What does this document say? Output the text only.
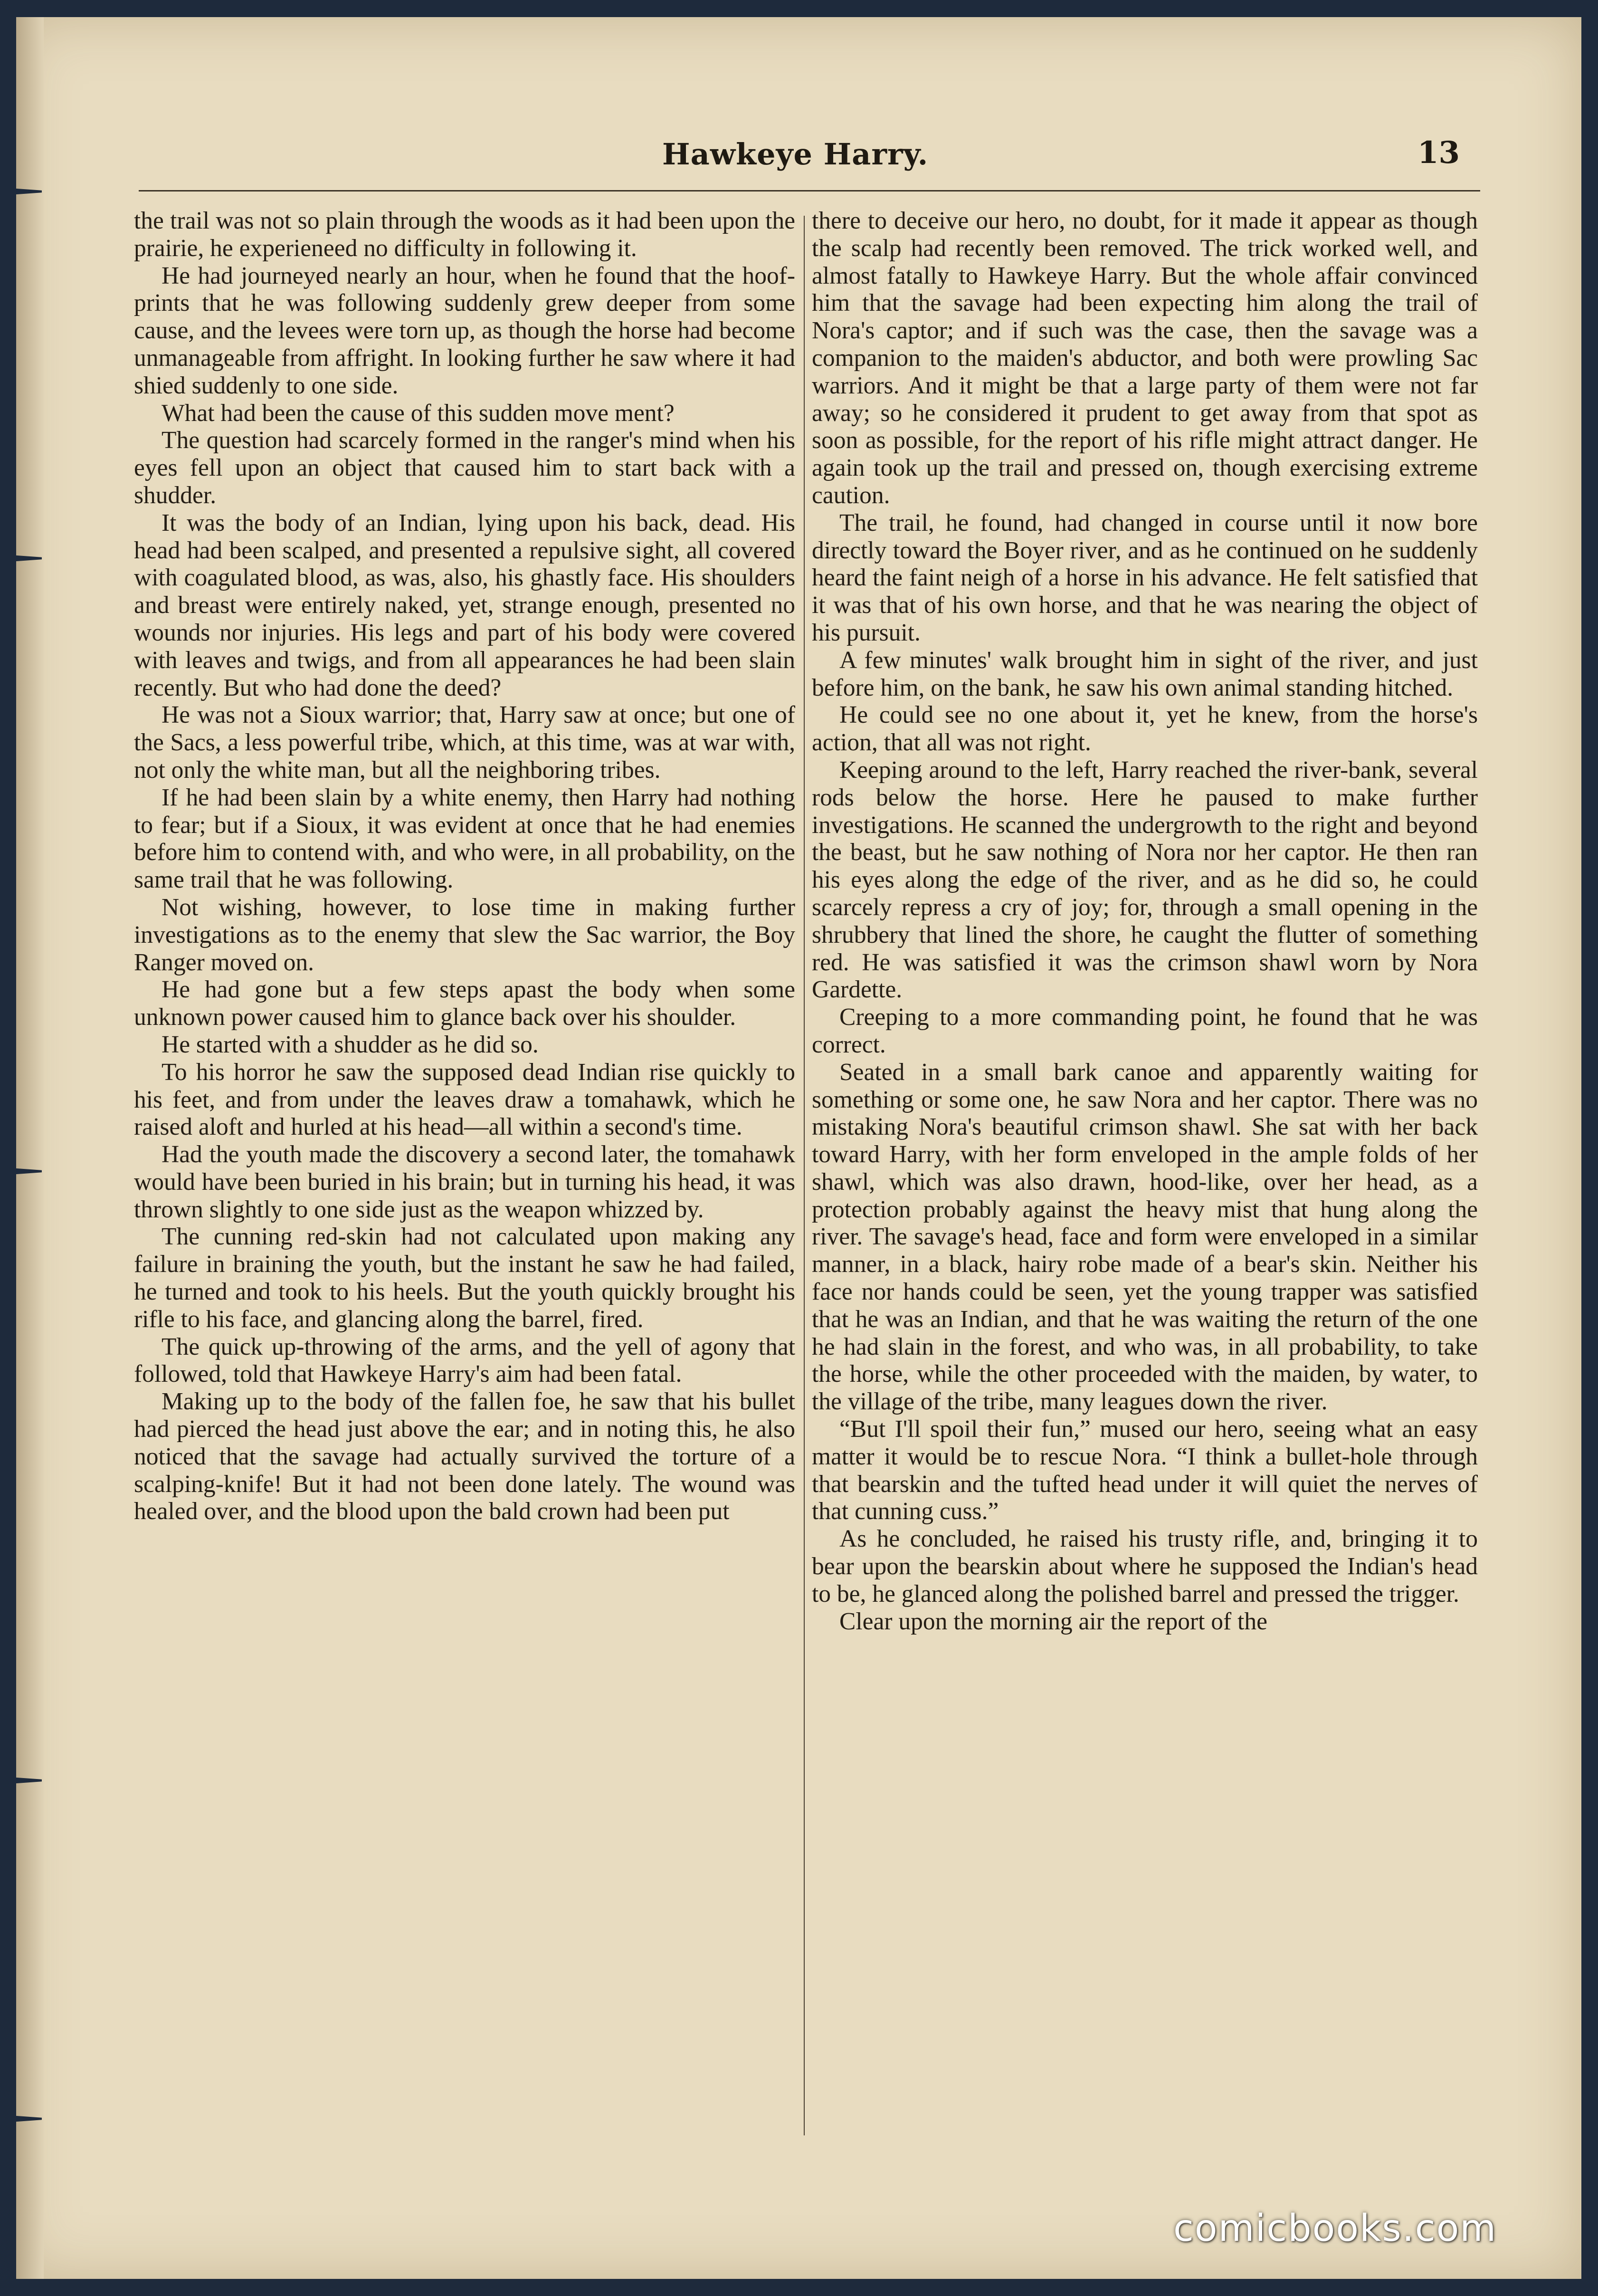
Hawkeye Harry.	13

the trail was not so plain through the woods as it had been upon the prairie, he experieneed no difficulty in following it.

He had journeyed nearly an hour, when he found that the hoof-prints that he was following suddenly grew deeper from some cause, and the levees were torn up, as though the horse had become unmanageable from affright. In looking further he saw where it had shied suddenly to one side.

What had been the cause of this sudden move ment?

The question had scarcely formed in the ranger's mind when his eyes fell upon an object that caused him to start back with a shudder.

It was the body of an Indian, lying upon his back, dead. His head had been scalped, and presented a repulsive sight, all covered with coagulated blood, as was, also, his ghastly face. His shoulders and breast were entirely naked, yet, strange enough, presented no wounds nor injuries. His legs and part of his body were covered with leaves and twigs, and from all appearances he had been slain recently. But who had done the deed?

He was not a Sioux warrior; that, Harry saw at once; but one of the Sacs, a less powerful tribe, which, at this time, was at war with, not only the white man, but all the neighboring tribes.

If he had been slain by a white enemy, then Harry had nothing to fear; but if a Sioux, it was evident at once that he had enemies before him to contend with, and who were, in all probability, on the same trail that he was following.

Not wishing, however, to lose time in making further investigations as to the enemy that slew the Sac warrior, the Boy Ranger moved on.

He had gone but a few steps apast the body when some unknown power caused him to glance back over his shoulder.

He started with a shudder as he did so.

To his horror he saw the supposed dead Indian rise quickly to his feet, and from under the leaves draw a tomahawk, which he raised aloft and hurled at his head—all within a second's time.

Had the youth made the discovery a second later, the tomahawk would have been buried in his brain; but in turning his head, it was thrown slightly to one side just as the weapon whizzed by.

The cunning red-skin had not calculated upon making any failure in braining the youth, but the instant he saw he had failed, he turned and took to his heels. But the youth quickly brought his rifle to his face, and glancing along the barrel, fired.

The quick up-throwing of the arms, and the yell of agony that followed, told that Hawkeye Harry's aim had been fatal.

Making up to the body of the fallen foe, he saw that his bullet had pierced the head just above the ear; and in noting this, he also noticed that the savage had actually survived the torture of a scalping-knife! But it had not been done lately. The wound was healed over, and the blood upon the bald crown had been put

there to deceive our hero, no doubt, for it made it appear as though the scalp had recently been removed. The trick worked well, and almost fatally to Hawkeye Harry. But the whole affair convinced him that the savage had been expecting him along the trail of Nora's captor; and if such was the case, then the savage was a companion to the maiden's abductor, and both were prowling Sac warriors. And it might be that a large party of them were not far away; so he considered it prudent to get away from that spot as soon as possible, for the report of his rifle might attract danger. He again took up the trail and pressed on, though exercising extreme caution.

The trail, he found, had changed in course until it now bore directly toward the Boyer river, and as he continued on he suddenly heard the faint neigh of a horse in his advance. He felt satisfied that it was that of his own horse, and that he was nearing the object of his pursuit.

A few minutes' walk brought him in sight of the river, and just before him, on the bank, he saw his own animal standing hitched.

He could see no one about it, yet he knew, from the horse's action, that all was not right.

Keeping around to the left, Harry reached the river-bank, several rods below the horse. Here he paused to make further investigations. He scanned the undergrowth to the right and beyond the beast, but he saw nothing of Nora nor her captor. He then ran his eyes along the edge of the river, and as he did so, he could scarcely repress a cry of joy; for, through a small opening in the shrubbery that lined the shore, he caught the flutter of something red. He was satisfied it was the crimson shawl worn by Nora Gardette.

Creeping to a more commanding point, he found that he was correct.

Seated in a small bark canoe and apparently waiting for something or some one, he saw Nora and her captor. There was no mistaking Nora's beautiful crimson shawl. She sat with her back toward Harry, with her form enveloped in the ample folds of her shawl, which was also drawn, hood-like, over her head, as a protection probably against the heavy mist that hung along the river. The savage's head, face and form were enveloped in a similar manner, in a black, hairy robe made of a bear's skin. Neither his face nor hands could be seen, yet the young trapper was satisfied that he was an Indian, and that he was waiting the return of the one he had slain in the forest, and who was, in all probability, to take the horse, while the other proceeded with the maiden, by water, to the village of the tribe, many leagues down the river.

“But I'll spoil their fun,” mused our hero, seeing what an easy matter it would be to rescue Nora. “I think a bullet-hole through that bearskin and the tufted head under it will quiet the nerves of that cunning cuss.”

As he concluded, he raised his trusty rifle, and, bringing it to bear upon the bearskin about where he supposed the Indian's head to be, he glanced along the polished barrel and pressed the trigger.

Clear upon the morning air the report of the

comicbooks.com
